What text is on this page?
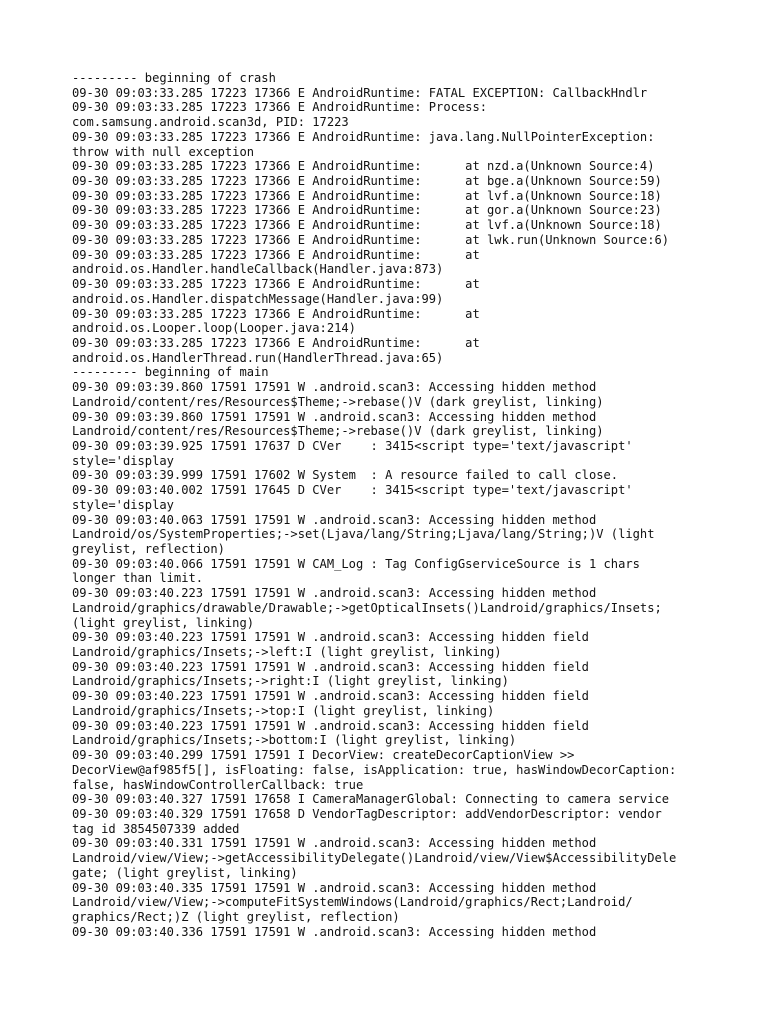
--------- beginning of crash
09-30 09:03:33.285 17223 17366 E AndroidRuntime: FATAL EXCEPTION: CallbackHndlr
09-30 09:03:33.285 17223 17366 E AndroidRuntime: Process:
com.samsung.android.scan3d, PID: 17223
09-30 09:03:33.285 17223 17366 E AndroidRuntime: java.lang.NullPointerException:
throw with null exception
09-30 09:03:33.285 17223 17366 E AndroidRuntime:      at nzd.a(Unknown Source:4)
09-30 09:03:33.285 17223 17366 E AndroidRuntime:      at bge.a(Unknown Source:59)
09-30 09:03:33.285 17223 17366 E AndroidRuntime:      at lvf.a(Unknown Source:18)
09-30 09:03:33.285 17223 17366 E AndroidRuntime:      at gor.a(Unknown Source:23)
09-30 09:03:33.285 17223 17366 E AndroidRuntime:      at lvf.a(Unknown Source:18)
09-30 09:03:33.285 17223 17366 E AndroidRuntime:      at lwk.run(Unknown Source:6)
09-30 09:03:33.285 17223 17366 E AndroidRuntime:      at
android.os.Handler.handleCallback(Handler.java:873)
09-30 09:03:33.285 17223 17366 E AndroidRuntime:      at
android.os.Handler.dispatchMessage(Handler.java:99)
09-30 09:03:33.285 17223 17366 E AndroidRuntime:      at
android.os.Looper.loop(Looper.java:214)
09-30 09:03:33.285 17223 17366 E AndroidRuntime:      at
android.os.HandlerThread.run(HandlerThread.java:65)
--------- beginning of main
09-30 09:03:39.860 17591 17591 W .android.scan3: Accessing hidden method
Landroid/content/res/Resources$Theme;->rebase()V (dark greylist, linking)
09-30 09:03:39.860 17591 17591 W .android.scan3: Accessing hidden method
Landroid/content/res/Resources$Theme;->rebase()V (dark greylist, linking)
09-30 09:03:39.925 17591 17637 D CVer    : 3415<script type='text/javascript'
style='display
09-30 09:03:39.999 17591 17602 W System  : A resource failed to call close.
09-30 09:03:40.002 17591 17645 D CVer    : 3415<script type='text/javascript'
style='display
09-30 09:03:40.063 17591 17591 W .android.scan3: Accessing hidden method
Landroid/os/SystemProperties;->set(Ljava/lang/String;Ljava/lang/String;)V (light
greylist, reflection)
09-30 09:03:40.066 17591 17591 W CAM_Log : Tag ConfigGserviceSource is 1 chars
longer than limit.
09-30 09:03:40.223 17591 17591 W .android.scan3: Accessing hidden method
Landroid/graphics/drawable/Drawable;->getOpticalInsets()Landroid/graphics/Insets;
(light greylist, linking)
09-30 09:03:40.223 17591 17591 W .android.scan3: Accessing hidden field
Landroid/graphics/Insets;->left:I (light greylist, linking)
09-30 09:03:40.223 17591 17591 W .android.scan3: Accessing hidden field
Landroid/graphics/Insets;->right:I (light greylist, linking)
09-30 09:03:40.223 17591 17591 W .android.scan3: Accessing hidden field
Landroid/graphics/Insets;->top:I (light greylist, linking)
09-30 09:03:40.223 17591 17591 W .android.scan3: Accessing hidden field
Landroid/graphics/Insets;->bottom:I (light greylist, linking)
09-30 09:03:40.299 17591 17591 I DecorView: createDecorCaptionView >>
DecorView@af985f5[], isFloating: false, isApplication: true, hasWindowDecorCaption:
false, hasWindowControllerCallback: true
09-30 09:03:40.327 17591 17658 I CameraManagerGlobal: Connecting to camera service
09-30 09:03:40.329 17591 17658 D VendorTagDescriptor: addVendorDescriptor: vendor
tag id 3854507339 added
09-30 09:03:40.331 17591 17591 W .android.scan3: Accessing hidden method
Landroid/view/View;->getAccessibilityDelegate()Landroid/view/View$AccessibilityDele
gate; (light greylist, linking)
09-30 09:03:40.335 17591 17591 W .android.scan3: Accessing hidden method
Landroid/view/View;->computeFitSystemWindows(Landroid/graphics/Rect;Landroid/
graphics/Rect;)Z (light greylist, reflection)
09-30 09:03:40.336 17591 17591 W .android.scan3: Accessing hidden method
